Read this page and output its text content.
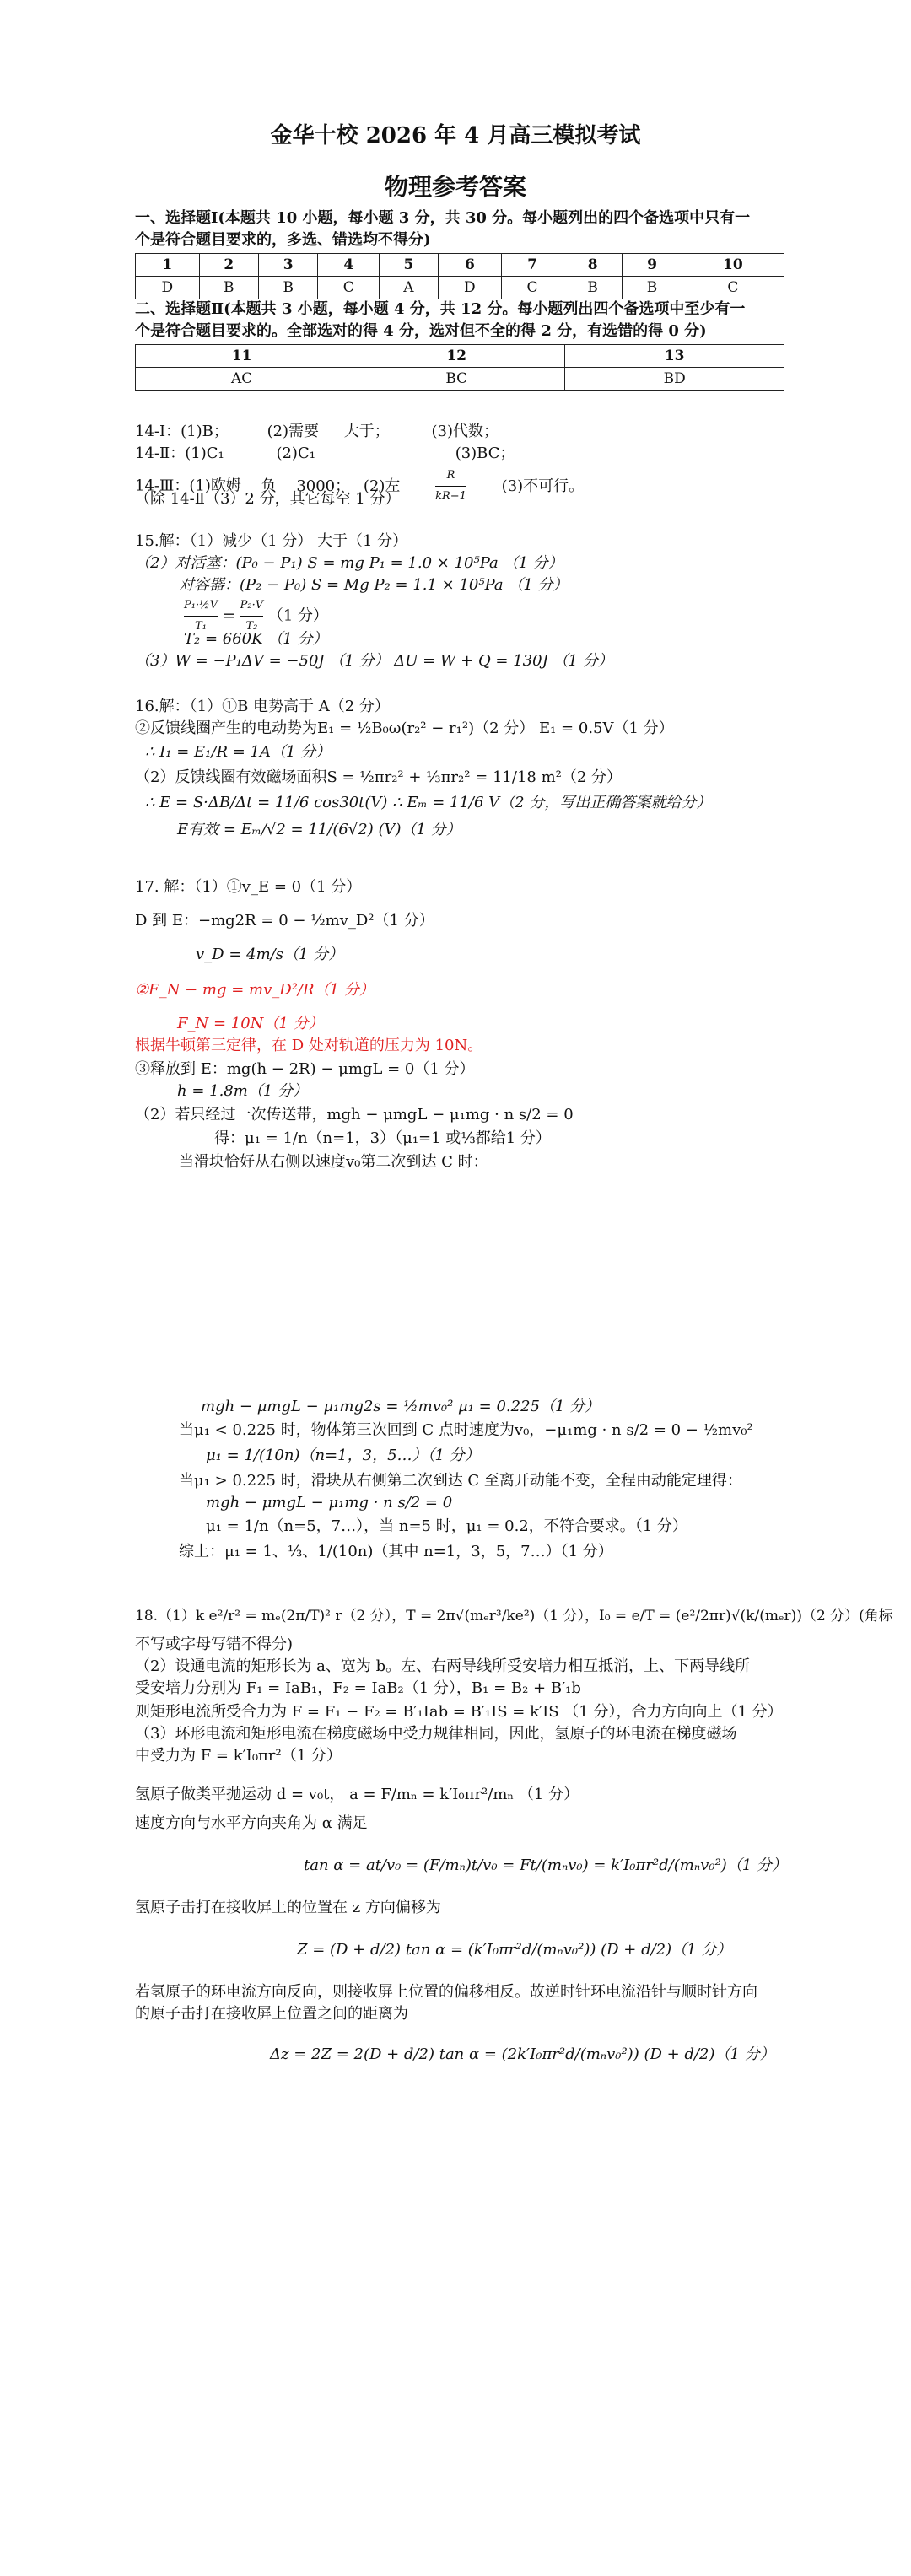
金华十校 2026 年 4 月高三模拟考试
物理参考答案
一、选择题Ⅰ(本题共 10 小题，每小题 3 分，共 30 分。每小题列出的四个备选项中只有一
个是符合题目要求的，多选、错选均不得分)
1	2	3	4	5	6	7	8	9	10
D	B	B	C	A	D	C	B	B	C
二、选择题Ⅱ(本题共 3 小题，每小题 4 分，共 12 分。每小题列出四个备选项中至少有一
个是符合题目要求的。全部选对的得 4 分，选对但不全的得 2 分，有选错的得 0 分)
11	12	13
AC	BC	BD
14-Ⅰ：(1)B；	(2)需要 大于；	(3)代数；
14-Ⅱ：(1)C₁	(2)C₁	(3)BC；
14-Ⅲ：(1)欧姆 负 3000； (2)左	$\frac{R}{kR-1} (3)$不可行。
（除 14-Ⅱ（3）2 分，其它每空 1 分）
15.解：（1）减少（1 分） 大于（1 分）
（2）对活塞：(P₀ − P₁) S = mg P₁ = 1.0 × 10⁵Pa （1 分）
对容器：(P₂ − P₀) S = Mg P₂ = 1.1 × 10⁵Pa （1 分）
$\frac{\text{P₁·½V}}{\text{T₁}} = \frac{\text{P₂·V}}{\text{T₂}} (1$ 分）
T₂ = 660K （1 分）
（3）W = −P₁ΔV = −50J （1 分） ΔU = W + Q = 130J （1 分）
16.解：（1）①B 电势高于 A（2 分）
②反馈线圈产生的电动势为E₁ = ½B₀ω(r₂² − r₁²)（2 分） E₁ = 0.5V（1 分）
∴ I₁ = E₁/R = 1A（1 分）
（2）反馈线圈有效磁场面积S = ½πr₂² + ⅓πr₂² = 11/18 m²（2 分）
∴ E = S·ΔB/Δt = 11/6 cos30t(V) ∴ Eₘ = 11/6 V（2 分，写出正确答案就给分）
E有效 = Eₘ/√2 = 11/(6√2) (V)（1 分）
17. 解：（1）①v_E = 0（1 分）
D 到 E：−mg2R = 0 − ½mv_D²（1 分）
v_D = 4m/s（1 分）
②F_N − mg = mv_D²/R（1 分）
F_N = 10N（1 分）
根据牛顿第三定律，在 D 处对轨道的压力为 10N。
③释放到 E：mg(h − 2R) − μmgL = 0（1 分）
h = 1.8m（1 分）
（2）若只经过一次传送带，mgh − μmgL − μ₁mg · n s/2 = 0
得：μ₁ = 1/n（n=1，3）（μ₁=1 或⅓都给1 分）
当滑块恰好从右侧以速度v₀第二次到达 C 时：
mgh − μmgL − μ₁mg2s = ½mv₀² μ₁ = 0.225（1 分）
当μ₁ < 0.225 时，物体第三次回到 C 点时速度为v₀，−μ₁mg · n s/2 = 0 − ½mv₀²
μ₁ = 1/(10n)（n=1，3，5…）（1 分）
当μ₁ > 0.225 时，滑块从右侧第二次到达 C 至离开动能不变，全程由动能定理得：
mgh − μmgL − μ₁mg · n s/2 = 0
μ₁ = 1/n（n=5，7…），当 n=5 时，μ₁ = 0.2，不符合要求。（1 分）
综上：μ₁ = 1、⅓、1/(10n)（其中 n=1，3，5，7…）（1 分）
18.（1）k e²/r² = mₑ(2π/T)² r（2 分），T = 2π√(mₑr³/ke²)（1 分），I₀ = e/T = (e²/2πr)√(k/(mₑr))（2 分）(角标
不写或字母写错不得分)
（2）设通电流的矩形长为 a、宽为 b。左、右两导线所受安培力相互抵消，上、下两导线所
受安培力分别为 F₁ = IaB₁，F₂ = IaB₂（1 分），B₁ = B₂ + B′₁b
则矩形电流所受合力为 F = F₁ − F₂ = B′₁Iab = B′₁IS = k′IS （1 分），合力方向向上（1 分）
（3）环形电流和矩形电流在梯度磁场中受力规律相同，因此，氢原子的环电流在梯度磁场
中受力为 F = k′I₀πr²（1 分）
氢原子做类平抛运动 d = v₀t， a = F/mₙ = k′I₀πr²/mₙ （1 分）
速度方向与水平方向夹角为 α 满足
tan α = at/v₀ = (F/mₙ)t/v₀ = Ft/(mₙv₀) = k′I₀πr²d/(mₙv₀²)（1 分）
氢原子击打在接收屏上的位置在 z 方向偏移为
Z = (D + d/2) tan α = (k′I₀πr²d/(mₙv₀²)) (D + d/2)（1 分）
若氢原子的环电流方向反向，则接收屏上位置的偏移相反。故逆时针环电流沿针与顺时针方向
的原子击打在接收屏上位置之间的距离为
Δz = 2Z = 2(D + d/2) tan α = (2k′I₀πr²d/(mₙv₀²)) (D + d/2)（1 分）
